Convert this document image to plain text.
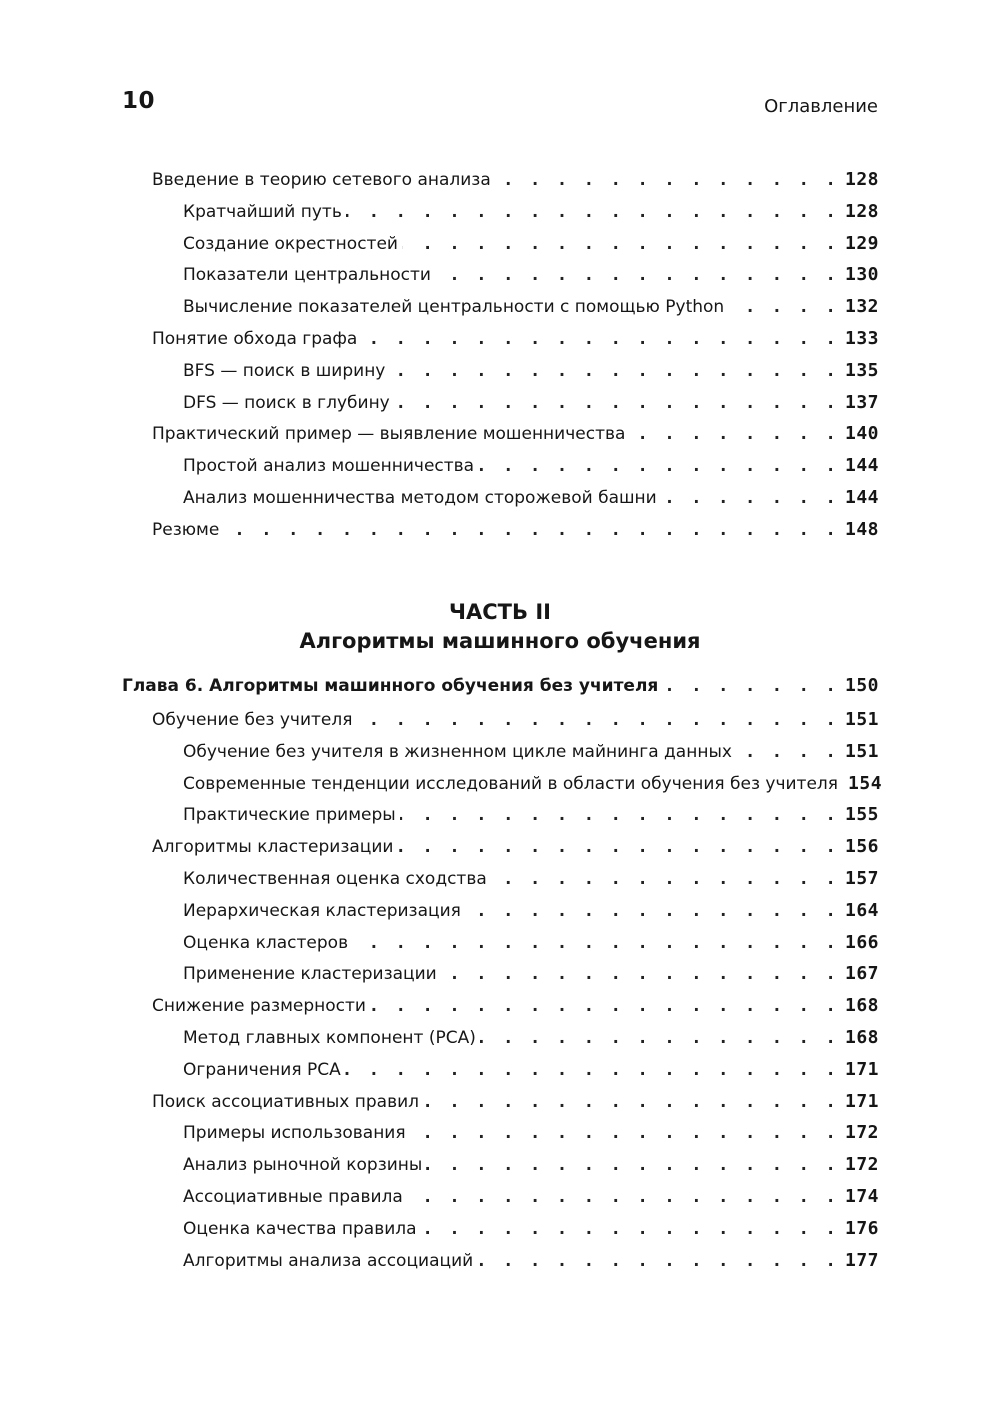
10	Оглавление
Введение в теорию сетевого анализа . . .	128
Кратчайший путь . . .	128
Создание окрестностей . . .	129
Показатели центральности . . .	130
Вычисление показателей центральности с помощью Python . . .	132
Понятие обхода графа . . .	133
BFS — поиск в ширину . . .	135
DFS — поиск в глубину . . .	137
Практический пример — выявление мошенничества . . .	140
Простой анализ мошенничества . . .	144
Анализ мошенничества методом сторожевой башни . . .	144
Резюме . . .	148
ЧАСТЬ II
Алгоритмы машинного обучения
Глава 6. Алгоритмы машинного обучения без учителя . . .	150
Обучение без учителя . . .	151
Обучение без учителя в жизненном цикле майнинга данных . . .	151
Современные тенденции исследований в области обучения без учителя 154
Практические примеры . . .	155
Алгоритмы кластеризации . . .	156
Количественная оценка сходства . . .	157
Иерархическая кластеризация . . .	164
Оценка кластеров . . .	166
Применение кластеризации . . .	167
Снижение размерности . . .	168
Метод главных компонент (PCA) . . .	168
Ограничения PCA . . .	171
Поиск ассоциативных правил . . .	171
Примеры использования . . .	172
Анализ рыночной корзины . . .	172
Ассоциативные правила . . .	174
Оценка качества правила . . .	176
Алгоритмы анализа ассоциаций . . .	177
